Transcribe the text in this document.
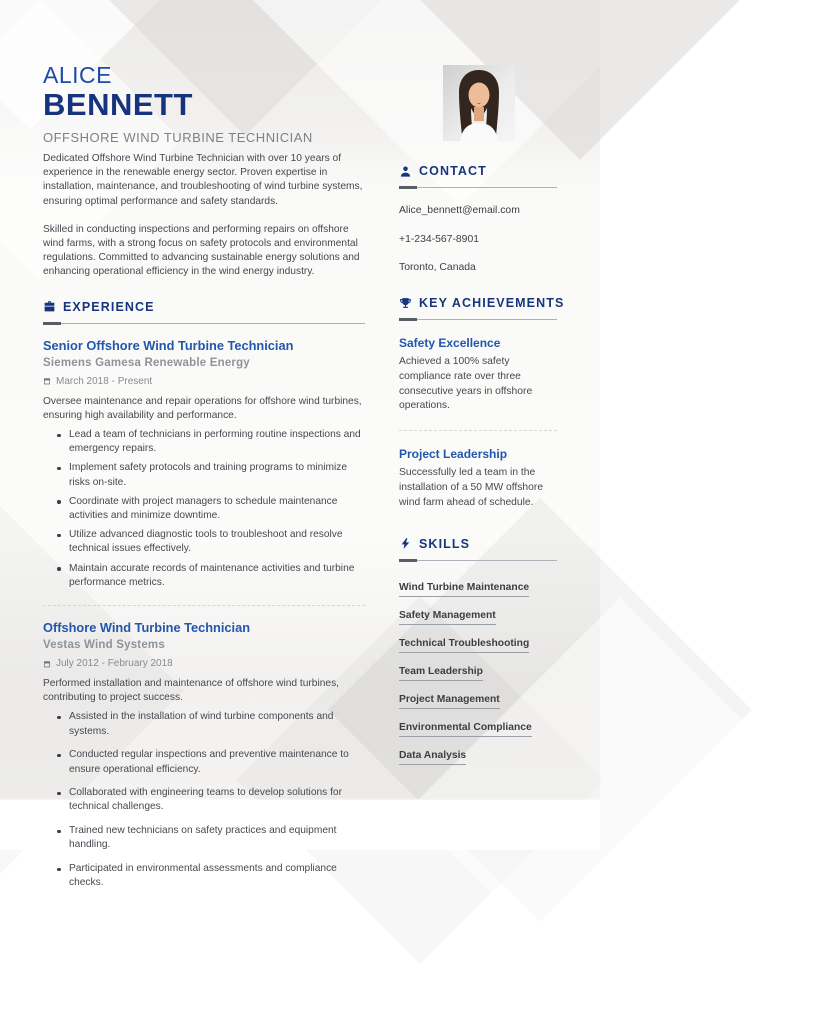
ALICE
BENNETT
OFFSHORE WIND TURBINE TECHNICIAN

Dedicated Offshore Wind Turbine Technician with over 10 years of experience in the renewable energy sector. Proven expertise in installation, maintenance, and troubleshooting of wind turbine systems, ensuring optimal performance and safety standards.

Skilled in conducting inspections and performing repairs on offshore wind farms, with a strong focus on safety protocols and environmental regulations. Committed to advancing sustainable energy solutions and enhancing operational efficiency in the wind energy industry.

EXPERIENCE
Senior Offshore Wind Turbine Technician
Siemens Gamesa Renewable Energy
March 2018 - Present
Oversee maintenance and repair operations for offshore wind turbines, ensuring high availability and performance.
Lead a team of technicians in performing routine inspections and emergency repairs.
Implement safety protocols and training programs to minimize risks on-site.
Coordinate with project managers to schedule maintenance activities and minimize downtime.
Utilize advanced diagnostic tools to troubleshoot and resolve technical issues effectively.
Maintain accurate records of maintenance activities and turbine performance metrics.
Offshore Wind Turbine Technician
Vestas Wind Systems
July 2012 - February 2018
Performed installation and maintenance of offshore wind turbines, contributing to project success.
Assisted in the installation of wind turbine components and systems.
Conducted regular inspections and preventive maintenance to ensure operational efficiency.
Collaborated with engineering teams to develop solutions for technical challenges.
Trained new technicians on safety practices and equipment handling.
Participated in environmental assessments and compliance checks.
CONTACT
Alice_bennett@email.com
+1-234-567-8901
Toronto, Canada
KEY ACHIEVEMENTS
Safety Excellence
Achieved a 100% safety compliance rate over three consecutive years in offshore operations.
Project Leadership
Successfully led a team in the installation of a 50 MW offshore wind farm ahead of schedule.
SKILLS
Wind Turbine Maintenance
Safety Management
Technical Troubleshooting
Team Leadership
Project Management
Environmental Compliance
Data Analysis
